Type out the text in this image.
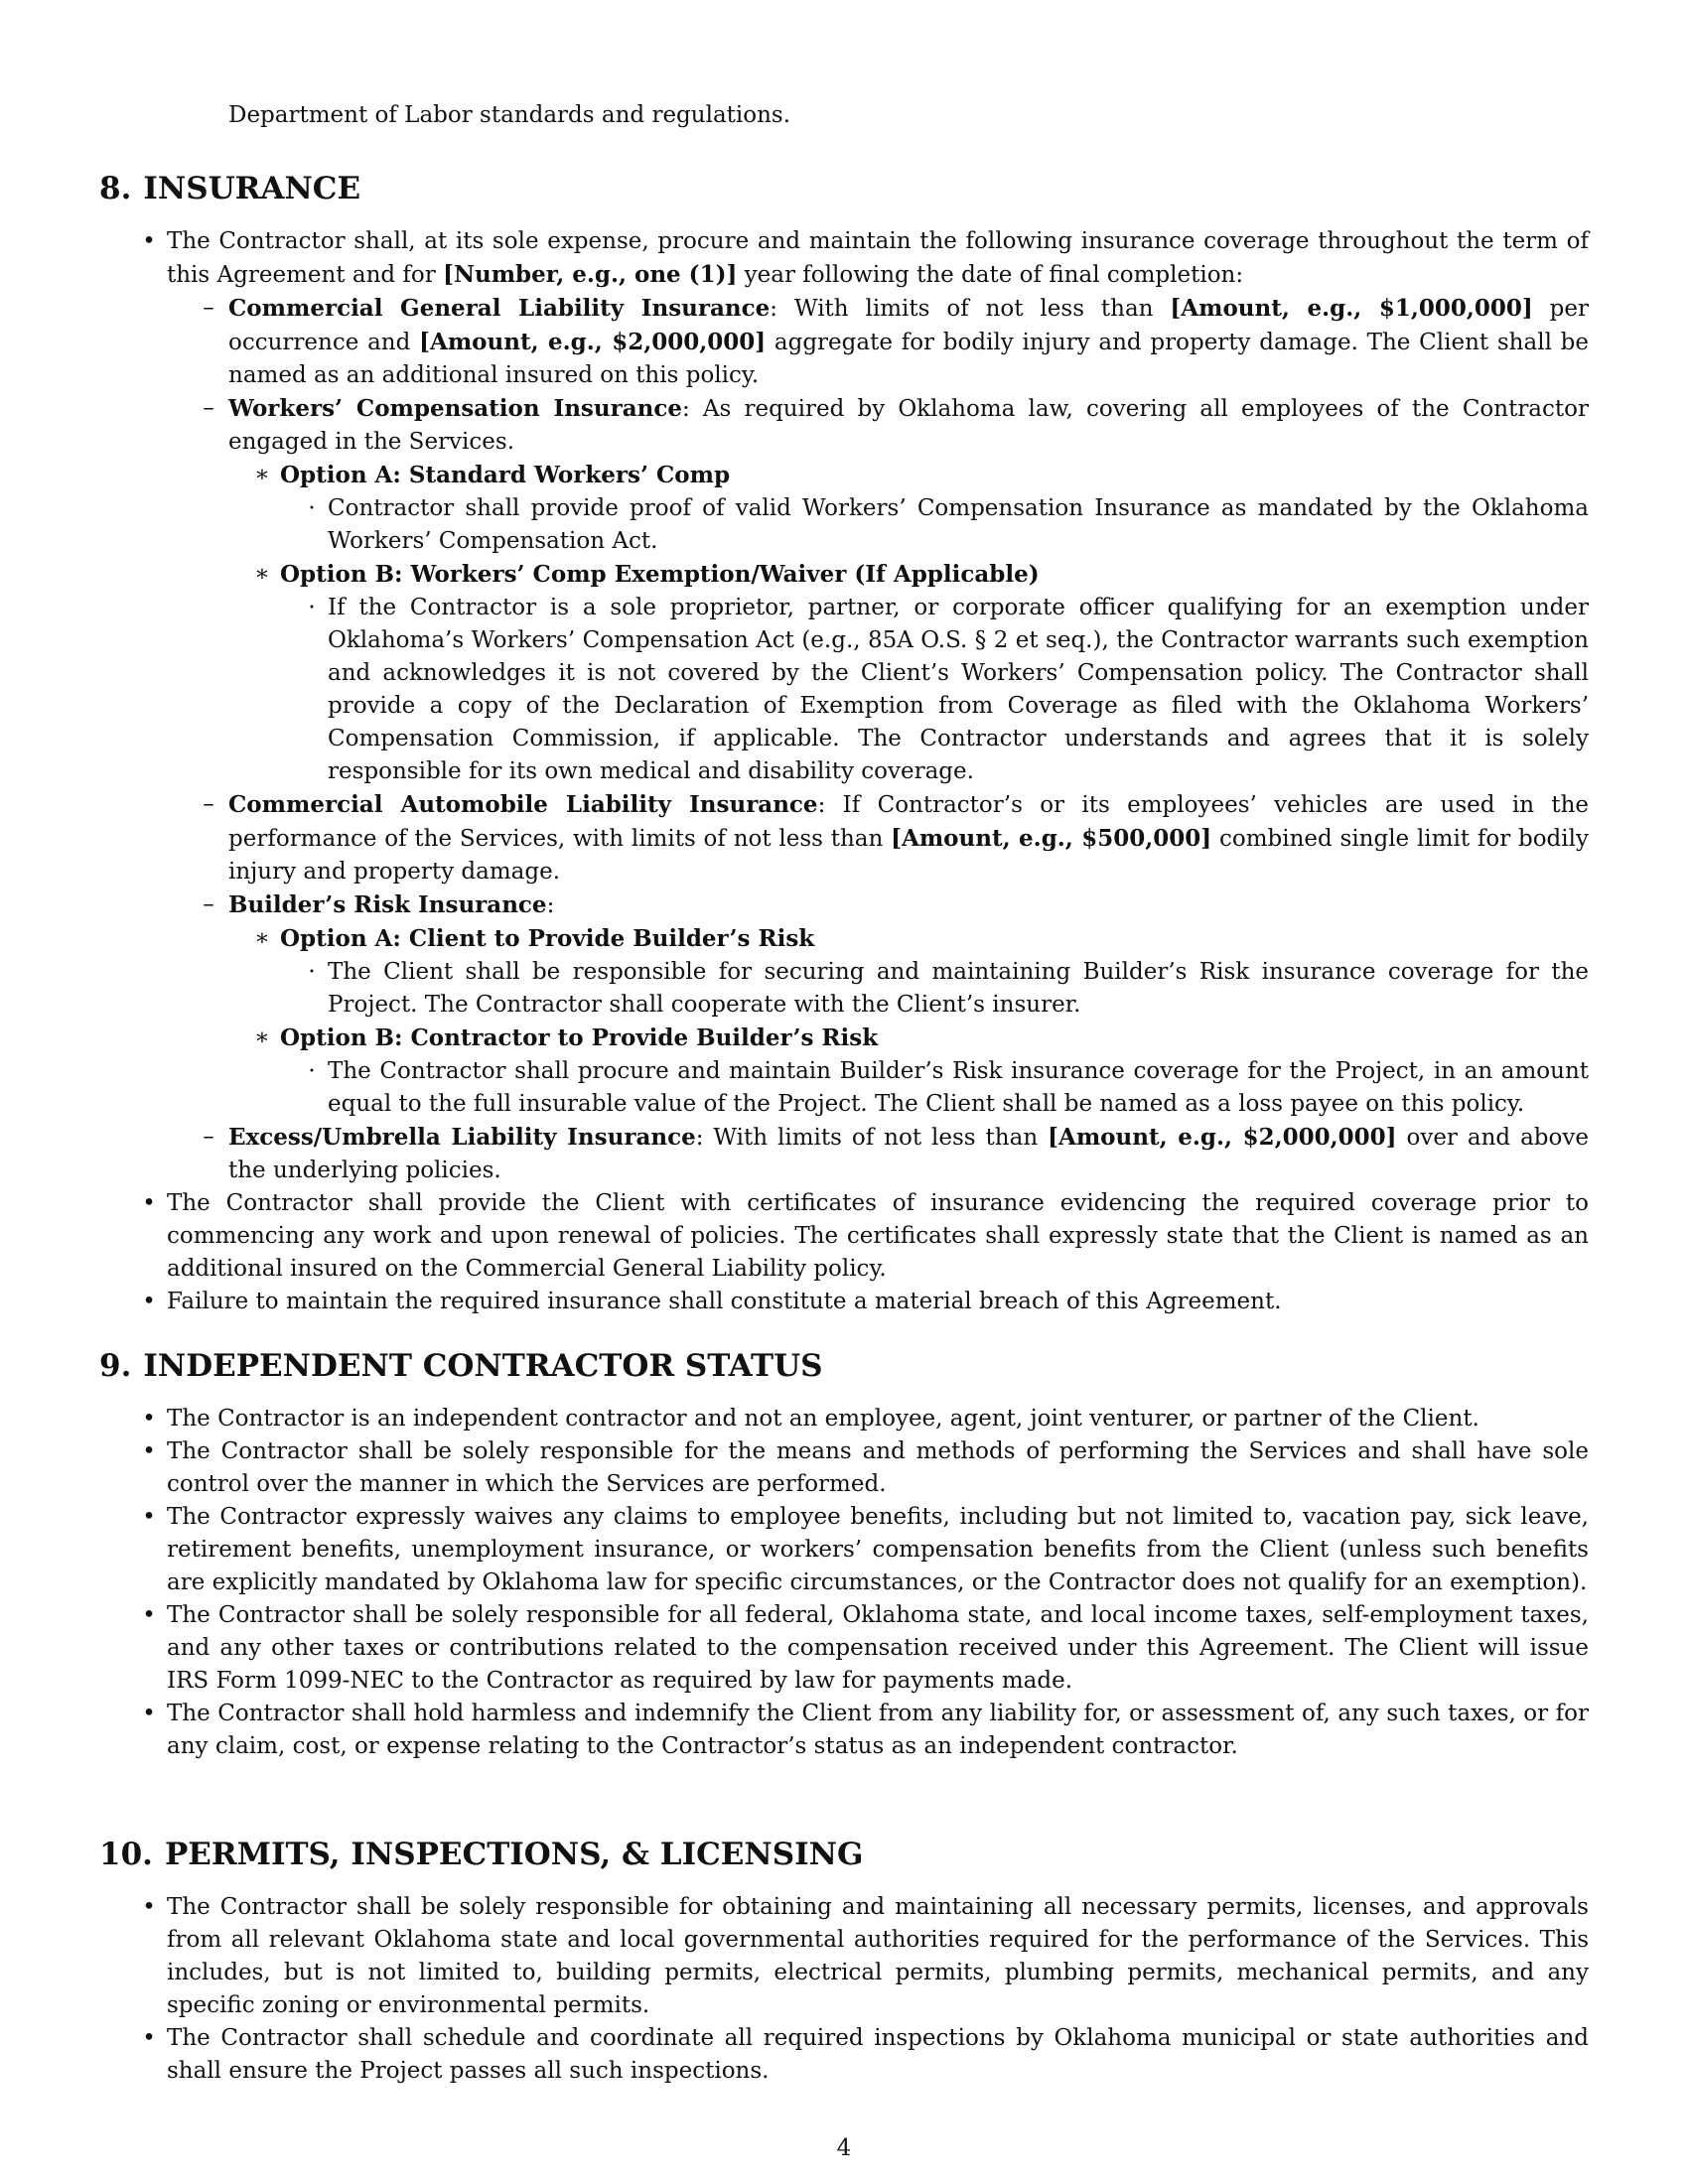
Department of Labor standards and regulations.

8. INSURANCE
• The Contractor shall, at its sole expense, procure and maintain the following insurance coverage throughout the term of this Agreement and for [Number, e.g., one (1)] year following the date of final completion:
– Commercial General Liability Insurance: With limits of not less than [Amount, e.g., $1,000,000] per occurrence and [Amount, e.g., $2,000,000] aggregate for bodily injury and property damage. The Client shall be named as an additional insured on this policy.
– Workers’ Compensation Insurance: As required by Oklahoma law, covering all employees of the Contractor engaged in the Services.
∗ Option A: Standard Workers’ Comp
· Contractor shall provide proof of valid Workers’ Compensation Insurance as mandated by the Oklahoma Workers’ Compensation Act.
∗ Option B: Workers’ Comp Exemption/Waiver (If Applicable)
· If the Contractor is a sole proprietor, partner, or corporate officer qualifying for an exemption under Oklahoma’s Workers’ Compensation Act (e.g., 85A O.S. § 2 et seq.), the Contractor warrants such exemption and acknowledges it is not covered by the Client’s Workers’ Compensation policy. The Contractor shall provide a copy of the Declaration of Exemption from Coverage as filed with the Oklahoma Workers’ Compensation Commission, if applicable. The Contractor understands and agrees that it is solely responsible for its own medical and disability coverage.
– Commercial Automobile Liability Insurance: If Contractor’s or its employees’ vehicles are used in the performance of the Services, with limits of not less than [Amount, e.g., $500,000] combined single limit for bodily injury and property damage.
– Builder’s Risk Insurance:
∗ Option A: Client to Provide Builder’s Risk
· The Client shall be responsible for securing and maintaining Builder’s Risk insurance coverage for the Project. The Contractor shall cooperate with the Client’s insurer.
∗ Option B: Contractor to Provide Builder’s Risk
· The Contractor shall procure and maintain Builder’s Risk insurance coverage for the Project, in an amount equal to the full insurable value of the Project. The Client shall be named as a loss payee on this policy.
– Excess/Umbrella Liability Insurance: With limits of not less than [Amount, e.g., $2,000,000] over and above the underlying policies.
• The Contractor shall provide the Client with certificates of insurance evidencing the required coverage prior to commencing any work and upon renewal of policies. The certificates shall expressly state that the Client is named as an additional insured on the Commercial General Liability policy.
• Failure to maintain the required insurance shall constitute a material breach of this Agreement.
9. INDEPENDENT CONTRACTOR STATUS
• The Contractor is an independent contractor and not an employee, agent, joint venturer, or partner of the Client.
• The Contractor shall be solely responsible for the means and methods of performing the Services and shall have sole control over the manner in which the Services are performed.
• The Contractor expressly waives any claims to employee benefits, including but not limited to, vacation pay, sick leave, retirement benefits, unemployment insurance, or workers’ compensation benefits from the Client (unless such benefits are explicitly mandated by Oklahoma law for specific circumstances, or the Contractor does not qualify for an exemption).
• The Contractor shall be solely responsible for all federal, Oklahoma state, and local income taxes, self-employment taxes, and any other taxes or contributions related to the compensation received under this Agreement. The Client will issue IRS Form 1099-NEC to the Contractor as required by law for payments made.
• The Contractor shall hold harmless and indemnify the Client from any liability for, or assessment of, any such taxes, or for any claim, cost, or expense relating to the Contractor’s status as an independent contractor.
10. PERMITS, INSPECTIONS, & LICENSING
• The Contractor shall be solely responsible for obtaining and maintaining all necessary permits, licenses, and approvals from all relevant Oklahoma state and local governmental authorities required for the performance of the Services. This includes, but is not limited to, building permits, electrical permits, plumbing permits, mechanical permits, and any specific zoning or environmental permits.
• The Contractor shall schedule and coordinate all required inspections by Oklahoma municipal or state authorities and shall ensure the Project passes all such inspections.
4
